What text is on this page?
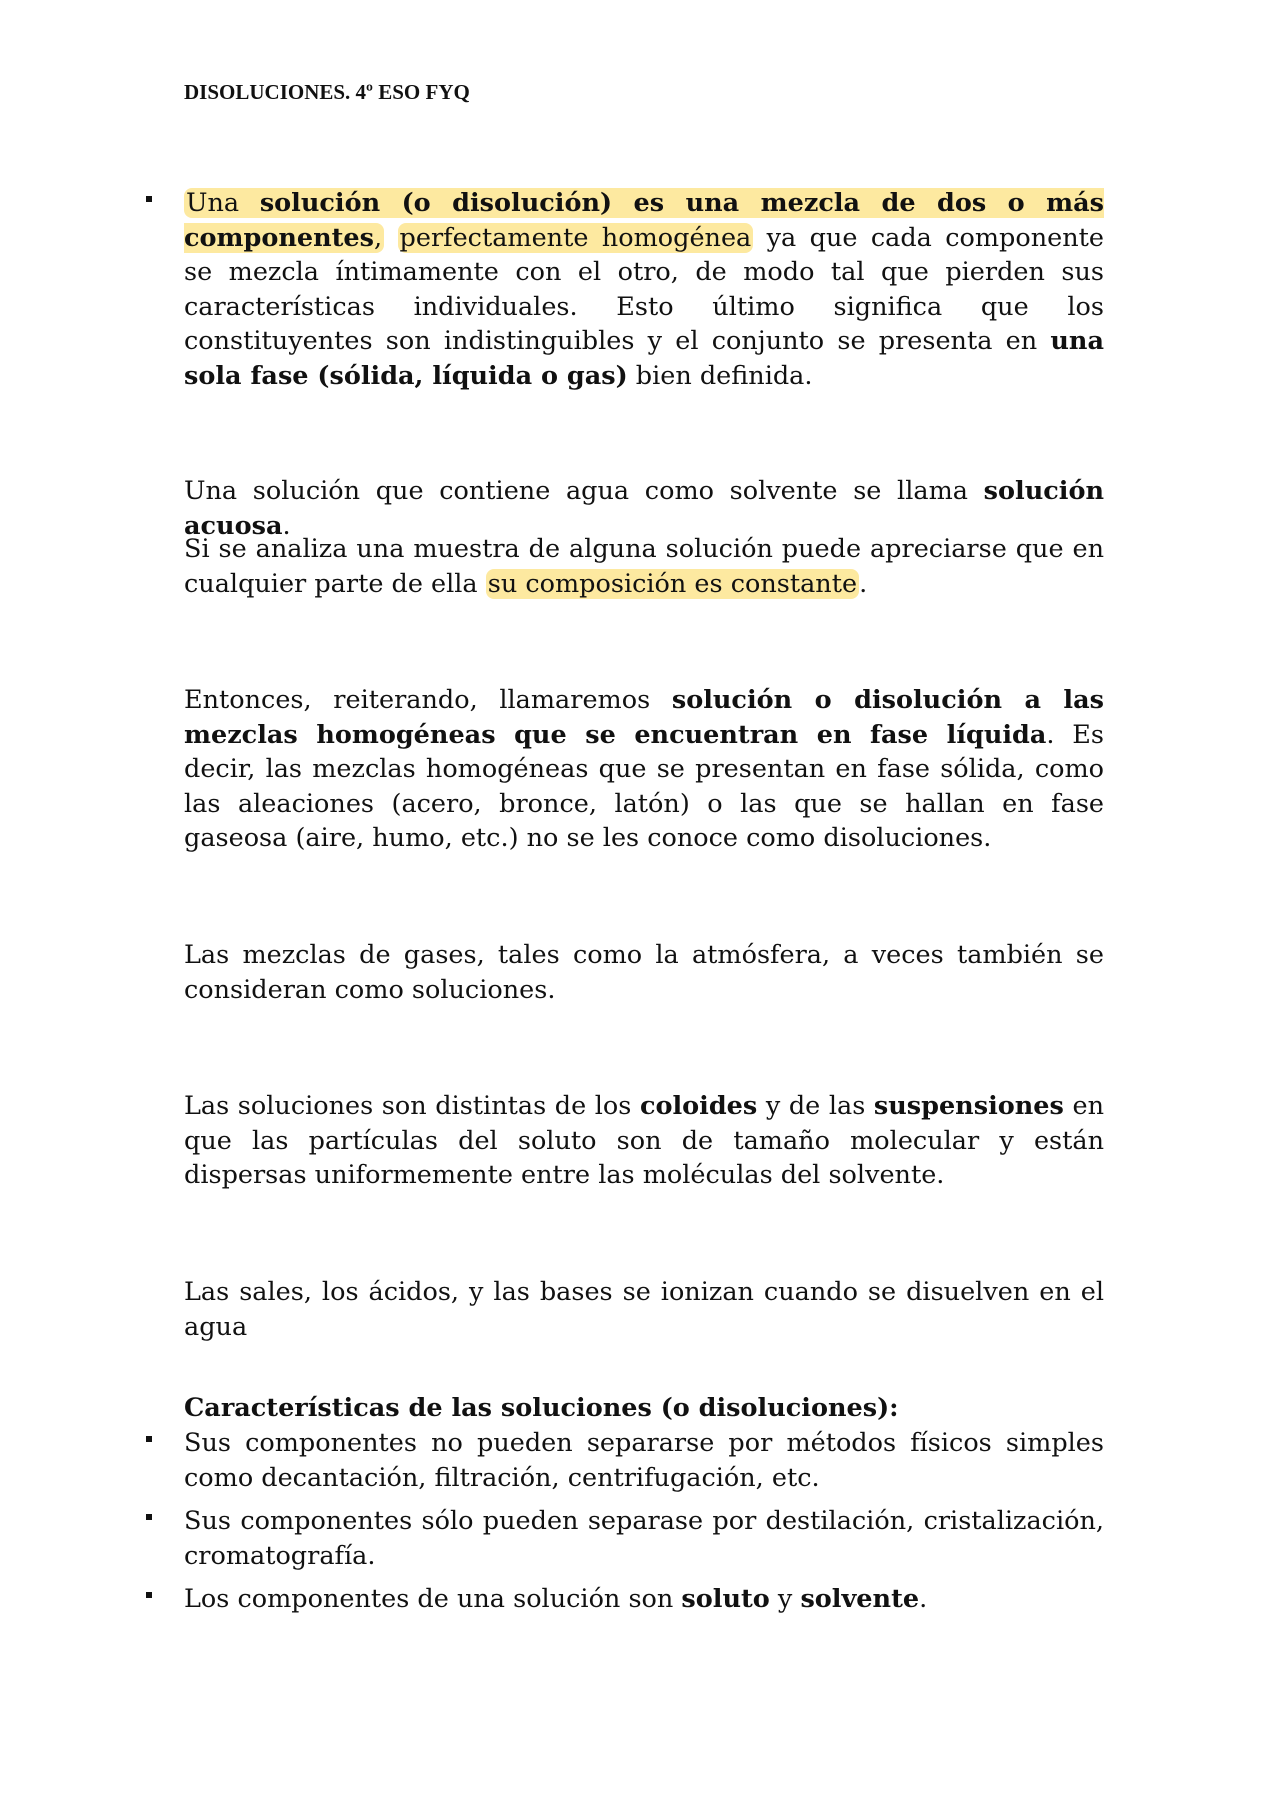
DISOLUCIONES. 4º ESO FYQ

Una solución (o disolución) es una mezcla de dos o más componentes, perfectamente homogénea ya que cada componente se mezcla íntimamente con el otro, de modo tal que pierden sus características individuales. Esto último significa que los constituyentes son indistinguibles y el conjunto se presenta en una sola fase (sólida, líquida o gas) bien definida.

Una solución que contiene agua como solvente se llama solución acuosa.

Si se analiza una muestra de alguna solución puede apreciarse que en cualquier parte de ella su composición es constante.

Entonces, reiterando, llamaremos solución o disolución a las mezclas homogéneas que se encuentran en fase líquida. Es decir, las mezclas homogéneas que se presentan en fase sólida, como las aleaciones (acero, bronce, latón) o las que se hallan en fase gaseosa (aire, humo, etc.) no se les conoce como disoluciones.

Las mezclas de gases, tales como la atmósfera, a veces también se consideran como soluciones.

Las soluciones son distintas de los coloides y de las suspensiones en que las partículas del soluto son de tamaño molecular y están dispersas uniformemente entre las moléculas del solvente.

Las sales, los ácidos, y las bases se ionizan cuando se disuelven en el agua

Características de las soluciones (o disoluciones):

Sus componentes no pueden separarse por métodos físicos simples como decantación, filtración, centrifugación, etc.

Sus componentes sólo pueden separase por destilación, cristalización, cromatografía.

Los componentes de una solución son soluto y solvente.
